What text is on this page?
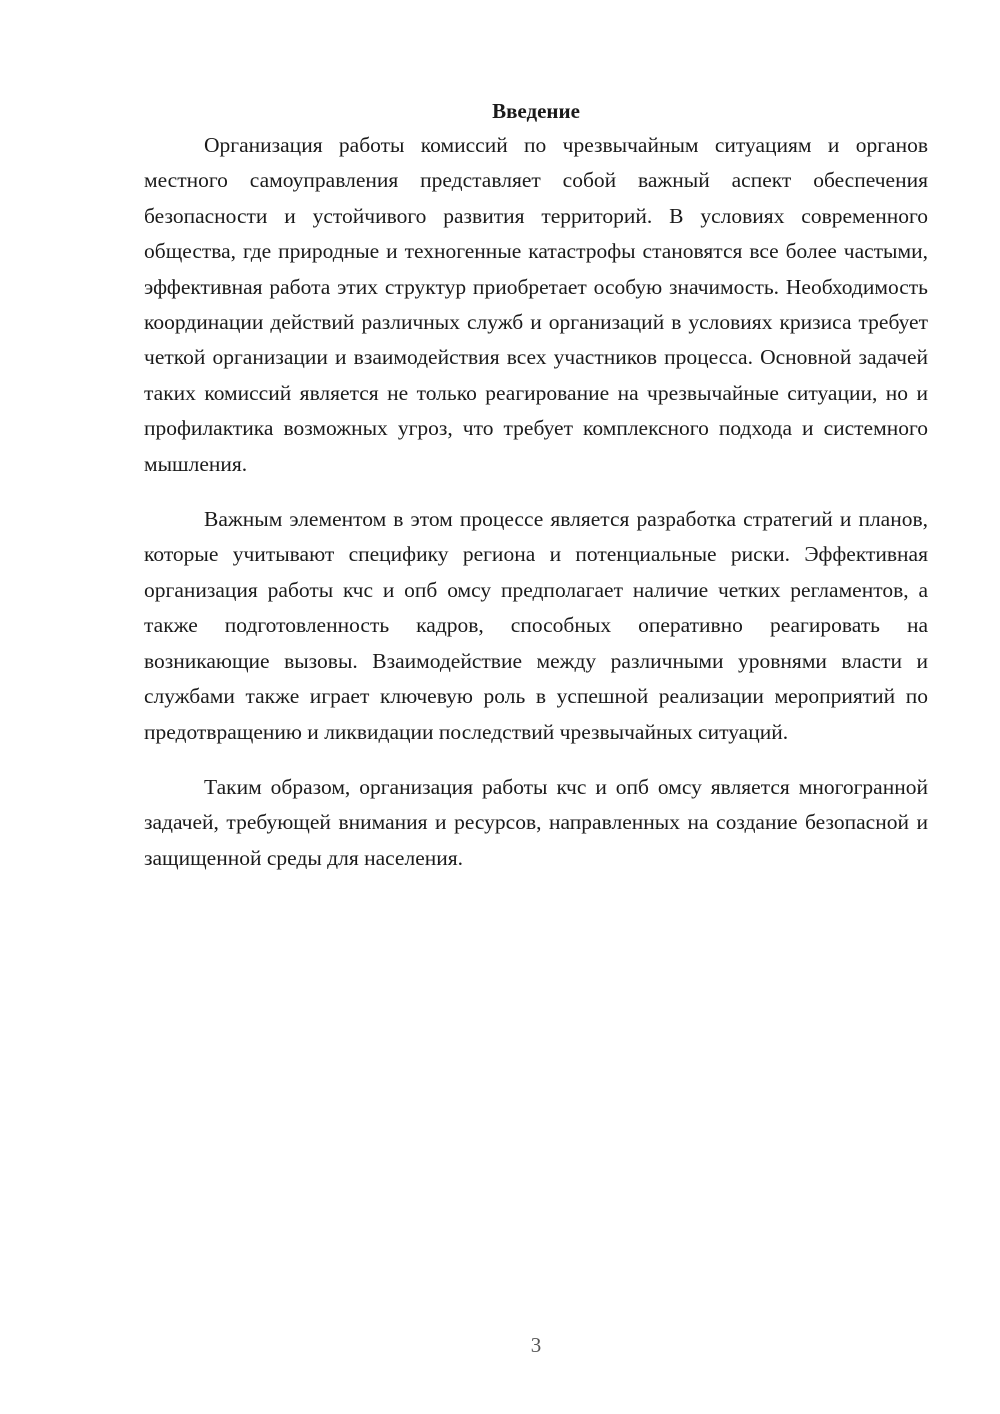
Введение

Организация работы комиссий по чрезвычайным ситуациям и органов местного самоуправления представляет собой важный аспект обеспечения безопасности и устойчивого развития территорий. В условиях современного общества, где природные и техногенные катастрофы становятся все более частыми, эффективная работа этих структур приобретает особую значимость. Необходимость координации действий различных служб и организаций в условиях кризиса требует четкой организации и взаимодействия всех участников процесса. Основной задачей таких комиссий является не только реагирование на чрезвычайные ситуации, но и профилактика возможных угроз, что требует комплексного подхода и системного мышления.

Важным элементом в этом процессе является разработка стратегий и планов, которые учитывают специфику региона и потенциальные риски. Эффективная организация работы кчс и опб омсу предполагает наличие четких регламентов, а также подготовленность кадров, способных оперативно реагировать на возникающие вызовы. Взаимодействие между различными уровнями власти и службами также играет ключевую роль в успешной реализации мероприятий по предотвращению и ликвидации последствий чрезвычайных ситуаций.

Таким образом, организация работы кчс и опб омсу является многогранной задачей, требующей внимания и ресурсов, направленных на создание безопасной и защищенной среды для населения.

3
